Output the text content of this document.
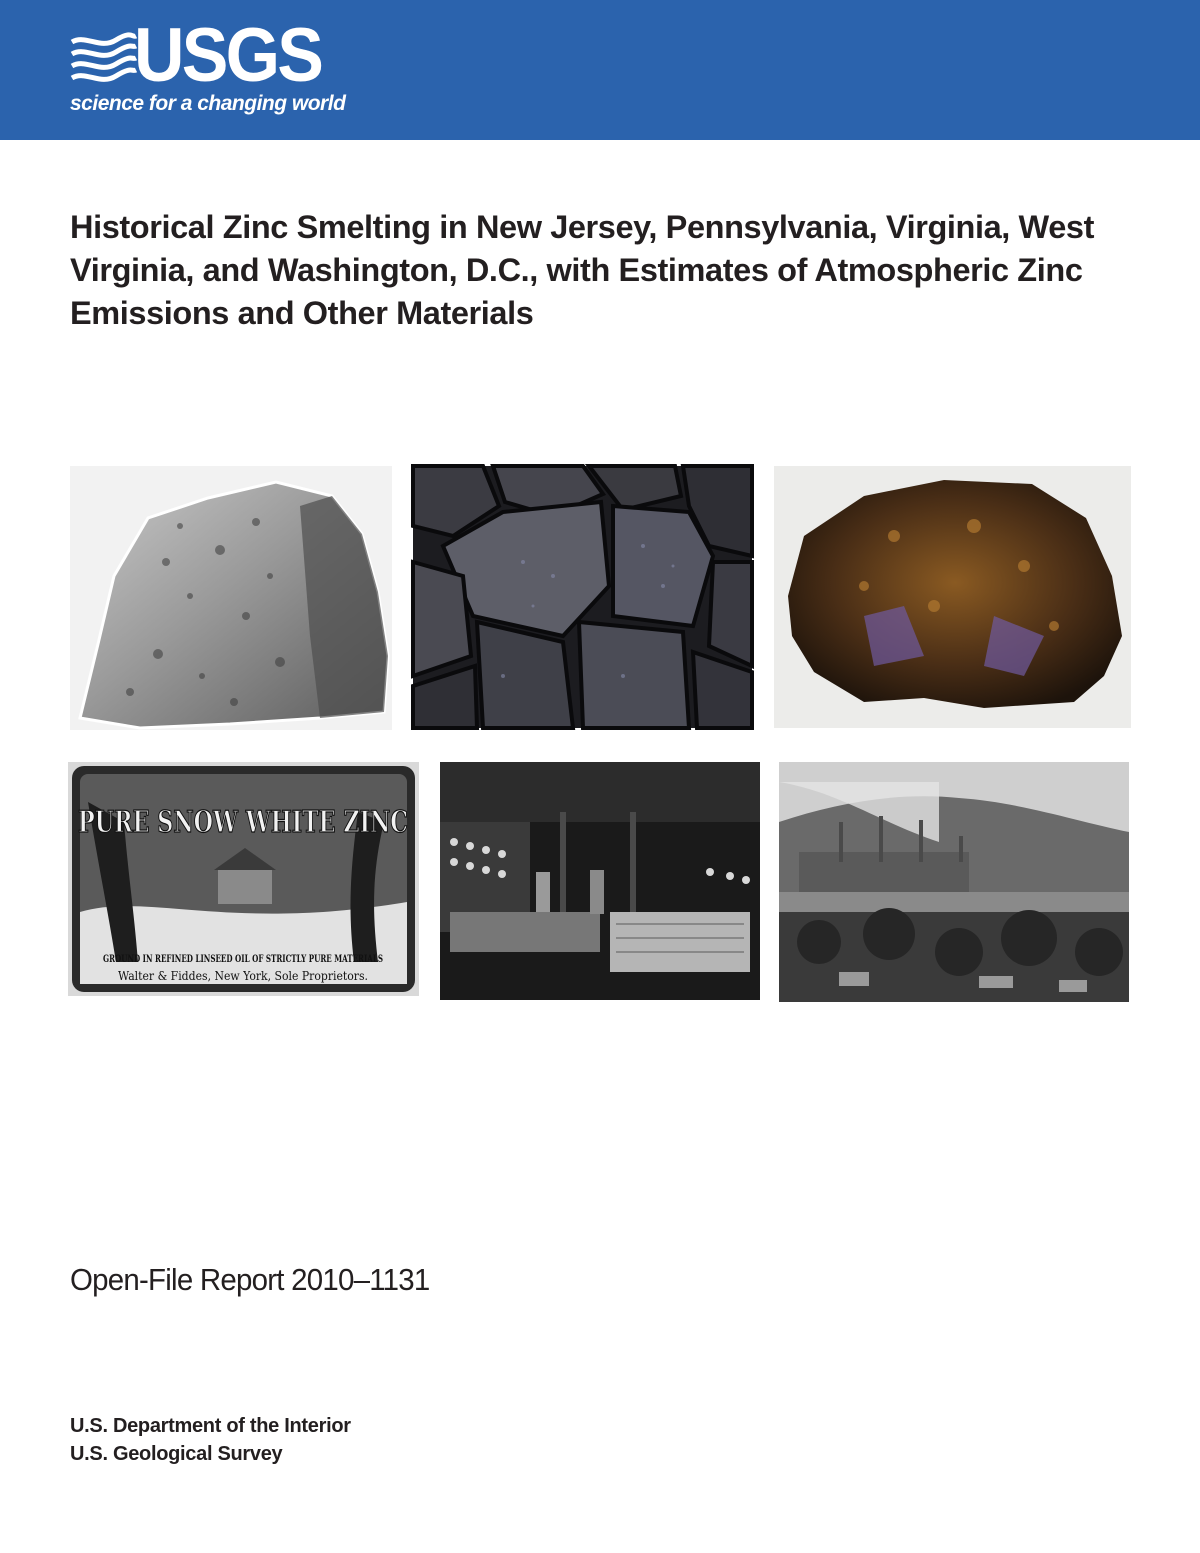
USGS
science for a changing world
Historical Zinc Smelting in New Jersey, Pennsylvania, Virginia, West Virginia, and Washington, D.C., with Estimates of Atmospheric Zinc Emissions and Other Materials
PURE SNOW WHITE ZINC
GROUND IN REFINED LINSEED OIL OF STRICTLY PURE MATERIALS
Walter & Fiddes, New York, Sole Proprietors.
Open-File Report 2010–1131
U.S. Department of the Interior
U.S. Geological Survey
